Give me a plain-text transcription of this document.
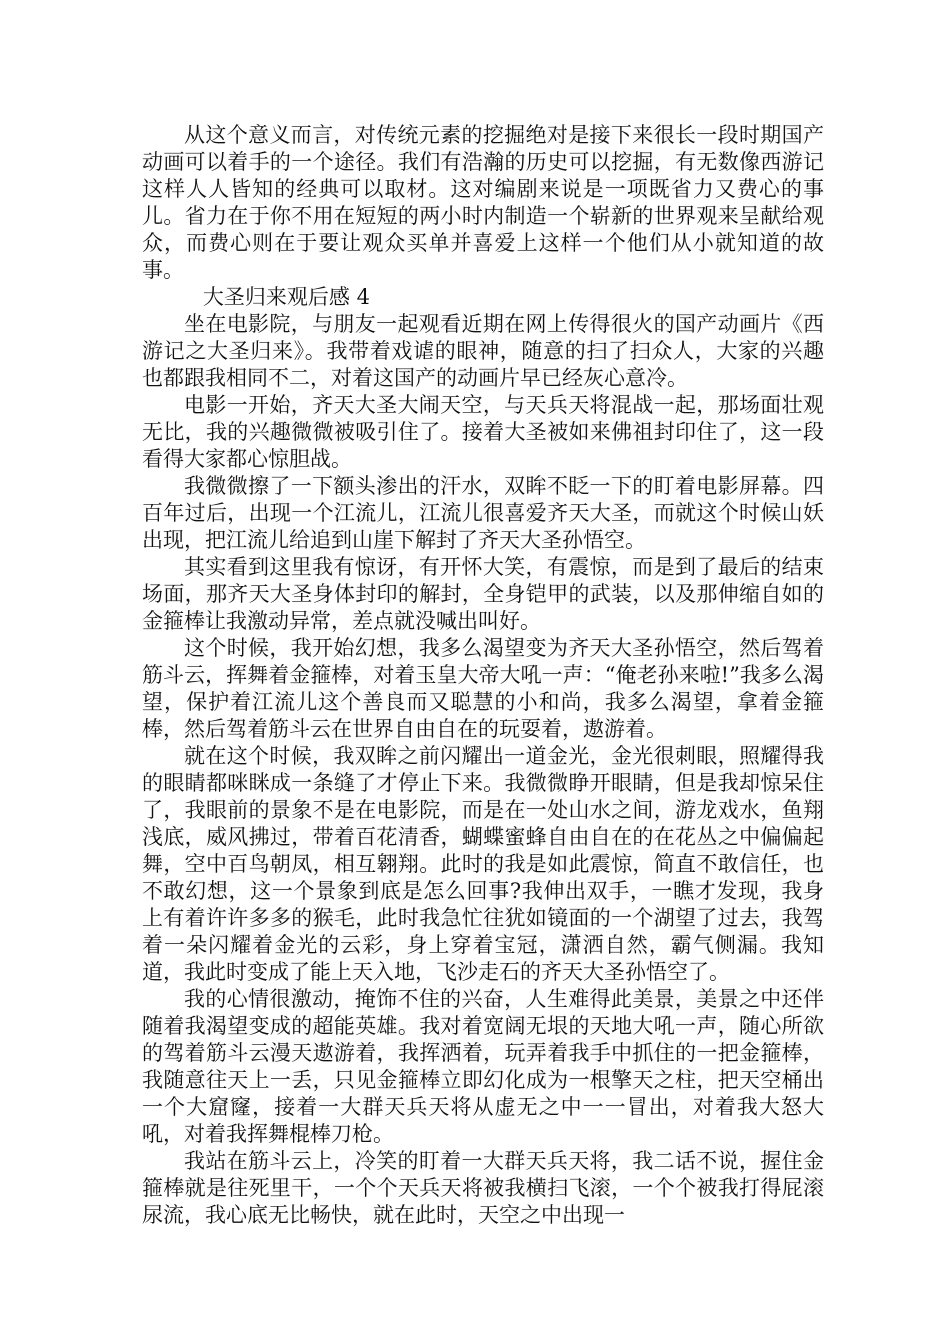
从这个意义而言，对传统元素的挖掘绝对是接下来很长一段时期国产动画可以着手的一个途径。我们有浩瀚的历史可以挖掘，有无数像西游记这样人人皆知的经典可以取材。这对编剧来说是一项既省力又费心的事儿。省力在于你不用在短短的两小时内制造一个崭新的世界观来呈献给观众，而费心则在于要让观众买单并喜爱上这样一个他们从小就知道的故事。

大圣归来观后感 4

坐在电影院，与朋友一起观看近期在网上传得很火的国产动画片《西游记之大圣归来》。我带着戏谑的眼神，随意的扫了扫众人，大家的兴趣也都跟我相同不二，对着这国产的动画片早已经灰心意冷。

电影一开始，齐天大圣大闹天空，与天兵天将混战一起，那场面壮观无比，我的兴趣微微被吸引住了。接着大圣被如来佛祖封印住了，这一段看得大家都心惊胆战。

我微微擦了一下额头渗出的汗水，双眸不眨一下的盯着电影屏幕。四百年过后，出现一个江流儿，江流儿很喜爱齐天大圣，而就这个时候山妖出现，把江流儿给追到山崖下解封了齐天大圣孙悟空。

其实看到这里我有惊讶，有开怀大笑，有震惊，而是到了最后的结束场面，那齐天大圣身体封印的解封，全身铠甲的武装，以及那伸缩自如的金箍棒让我激动异常，差点就没喊出叫好。

这个时候，我开始幻想，我多么渴望变为齐天大圣孙悟空，然后驾着筋斗云，挥舞着金箍棒，对着玉皇大帝大吼一声：“俺老孙来啦!”我多么渴望，保护着江流儿这个善良而又聪慧的小和尚，我多么渴望，拿着金箍棒，然后驾着筋斗云在世界自由自在的玩耍着，遨游着。

就在这个时候，我双眸之前闪耀出一道金光，金光很刺眼，照耀得我的眼睛都咪眯成一条缝了才停止下来。我微微睁开眼睛，但是我却惊呆住了，我眼前的景象不是在电影院，而是在一处山水之间，游龙戏水，鱼翔浅底，威风拂过，带着百花清香，蝴蝶蜜蜂自由自在的在花丛之中偏偏起舞，空中百鸟朝凤，相互翱翔。此时的我是如此震惊，简直不敢信任，也不敢幻想，这一个景象到底是怎么回事?我伸出双手，一瞧才发现，我身上有着许许多多的猴毛，此时我急忙往犹如镜面的一个湖望了过去，我驾着一朵闪耀着金光的云彩，身上穿着宝冠，潇洒自然，霸气侧漏。我知道，我此时变成了能上天入地，飞沙走石的齐天大圣孙悟空了。

我的心情很激动，掩饰不住的兴奋，人生难得此美景，美景之中还伴随着我渴望变成的超能英雄。我对着宽阔无垠的天地大吼一声，随心所欲的驾着筋斗云漫天遨游着，我挥洒着，玩弄着我手中抓住的一把金箍棒，我随意往天上一丢，只见金箍棒立即幻化成为一根擎天之柱，把天空桶出一个大窟窿，接着一大群天兵天将从虚无之中一一冒出，对着我大怒大吼，对着我挥舞棍棒刀枪。

我站在筋斗云上，冷笑的盯着一大群天兵天将，我二话不说，握住金箍棒就是往死里干，一个个天兵天将被我横扫飞滚，一个个被我打得屁滚尿流，我心底无比畅快，就在此时，天空之中出现一
